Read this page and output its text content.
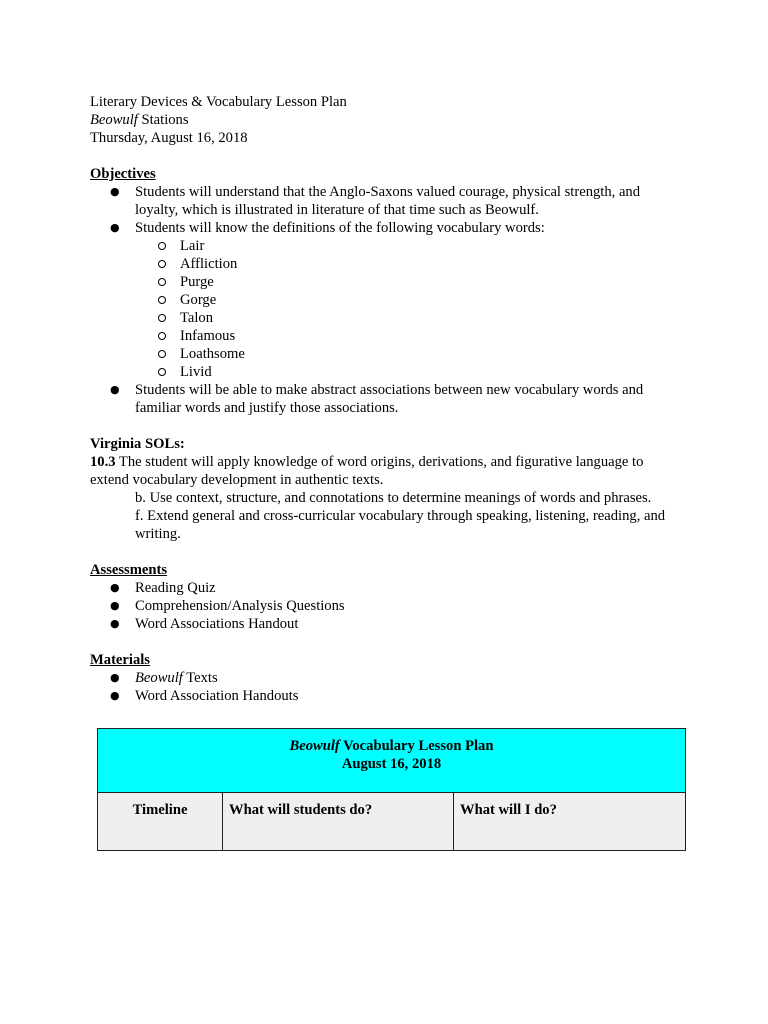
Literary Devices & Vocabulary Lesson Plan
Beowulf Stations
Thursday, August 16, 2018
Objectives
● Students will understand that the Anglo-Saxons valued courage, physical strength, and loyalty, which is illustrated in literature of that time such as Beowulf.
● Students will know the definitions of the following vocabulary words:
Lair
Affliction
Purge
Gorge
Talon
Infamous
Loathsome
Livid
● Students will be able to make abstract associations between new vocabulary words and familiar words and justify those associations.
Virginia SOLs:
10.3 The student will apply knowledge of word origins, derivations, and figurative language to extend vocabulary development in authentic texts.
b. Use context, structure, and connotations to determine meanings of words and phrases.
f. Extend general and cross-curricular vocabulary through speaking, listening, reading, and writing.
Assessments
● Reading Quiz
● Comprehension/Analysis Questions
● Word Associations Handout
Materials
● Beowulf Texts
● Word Association Handouts
Beowulf Vocabulary Lesson Plan
August 16, 2018

Timeline	What will students do?	What will I do?
